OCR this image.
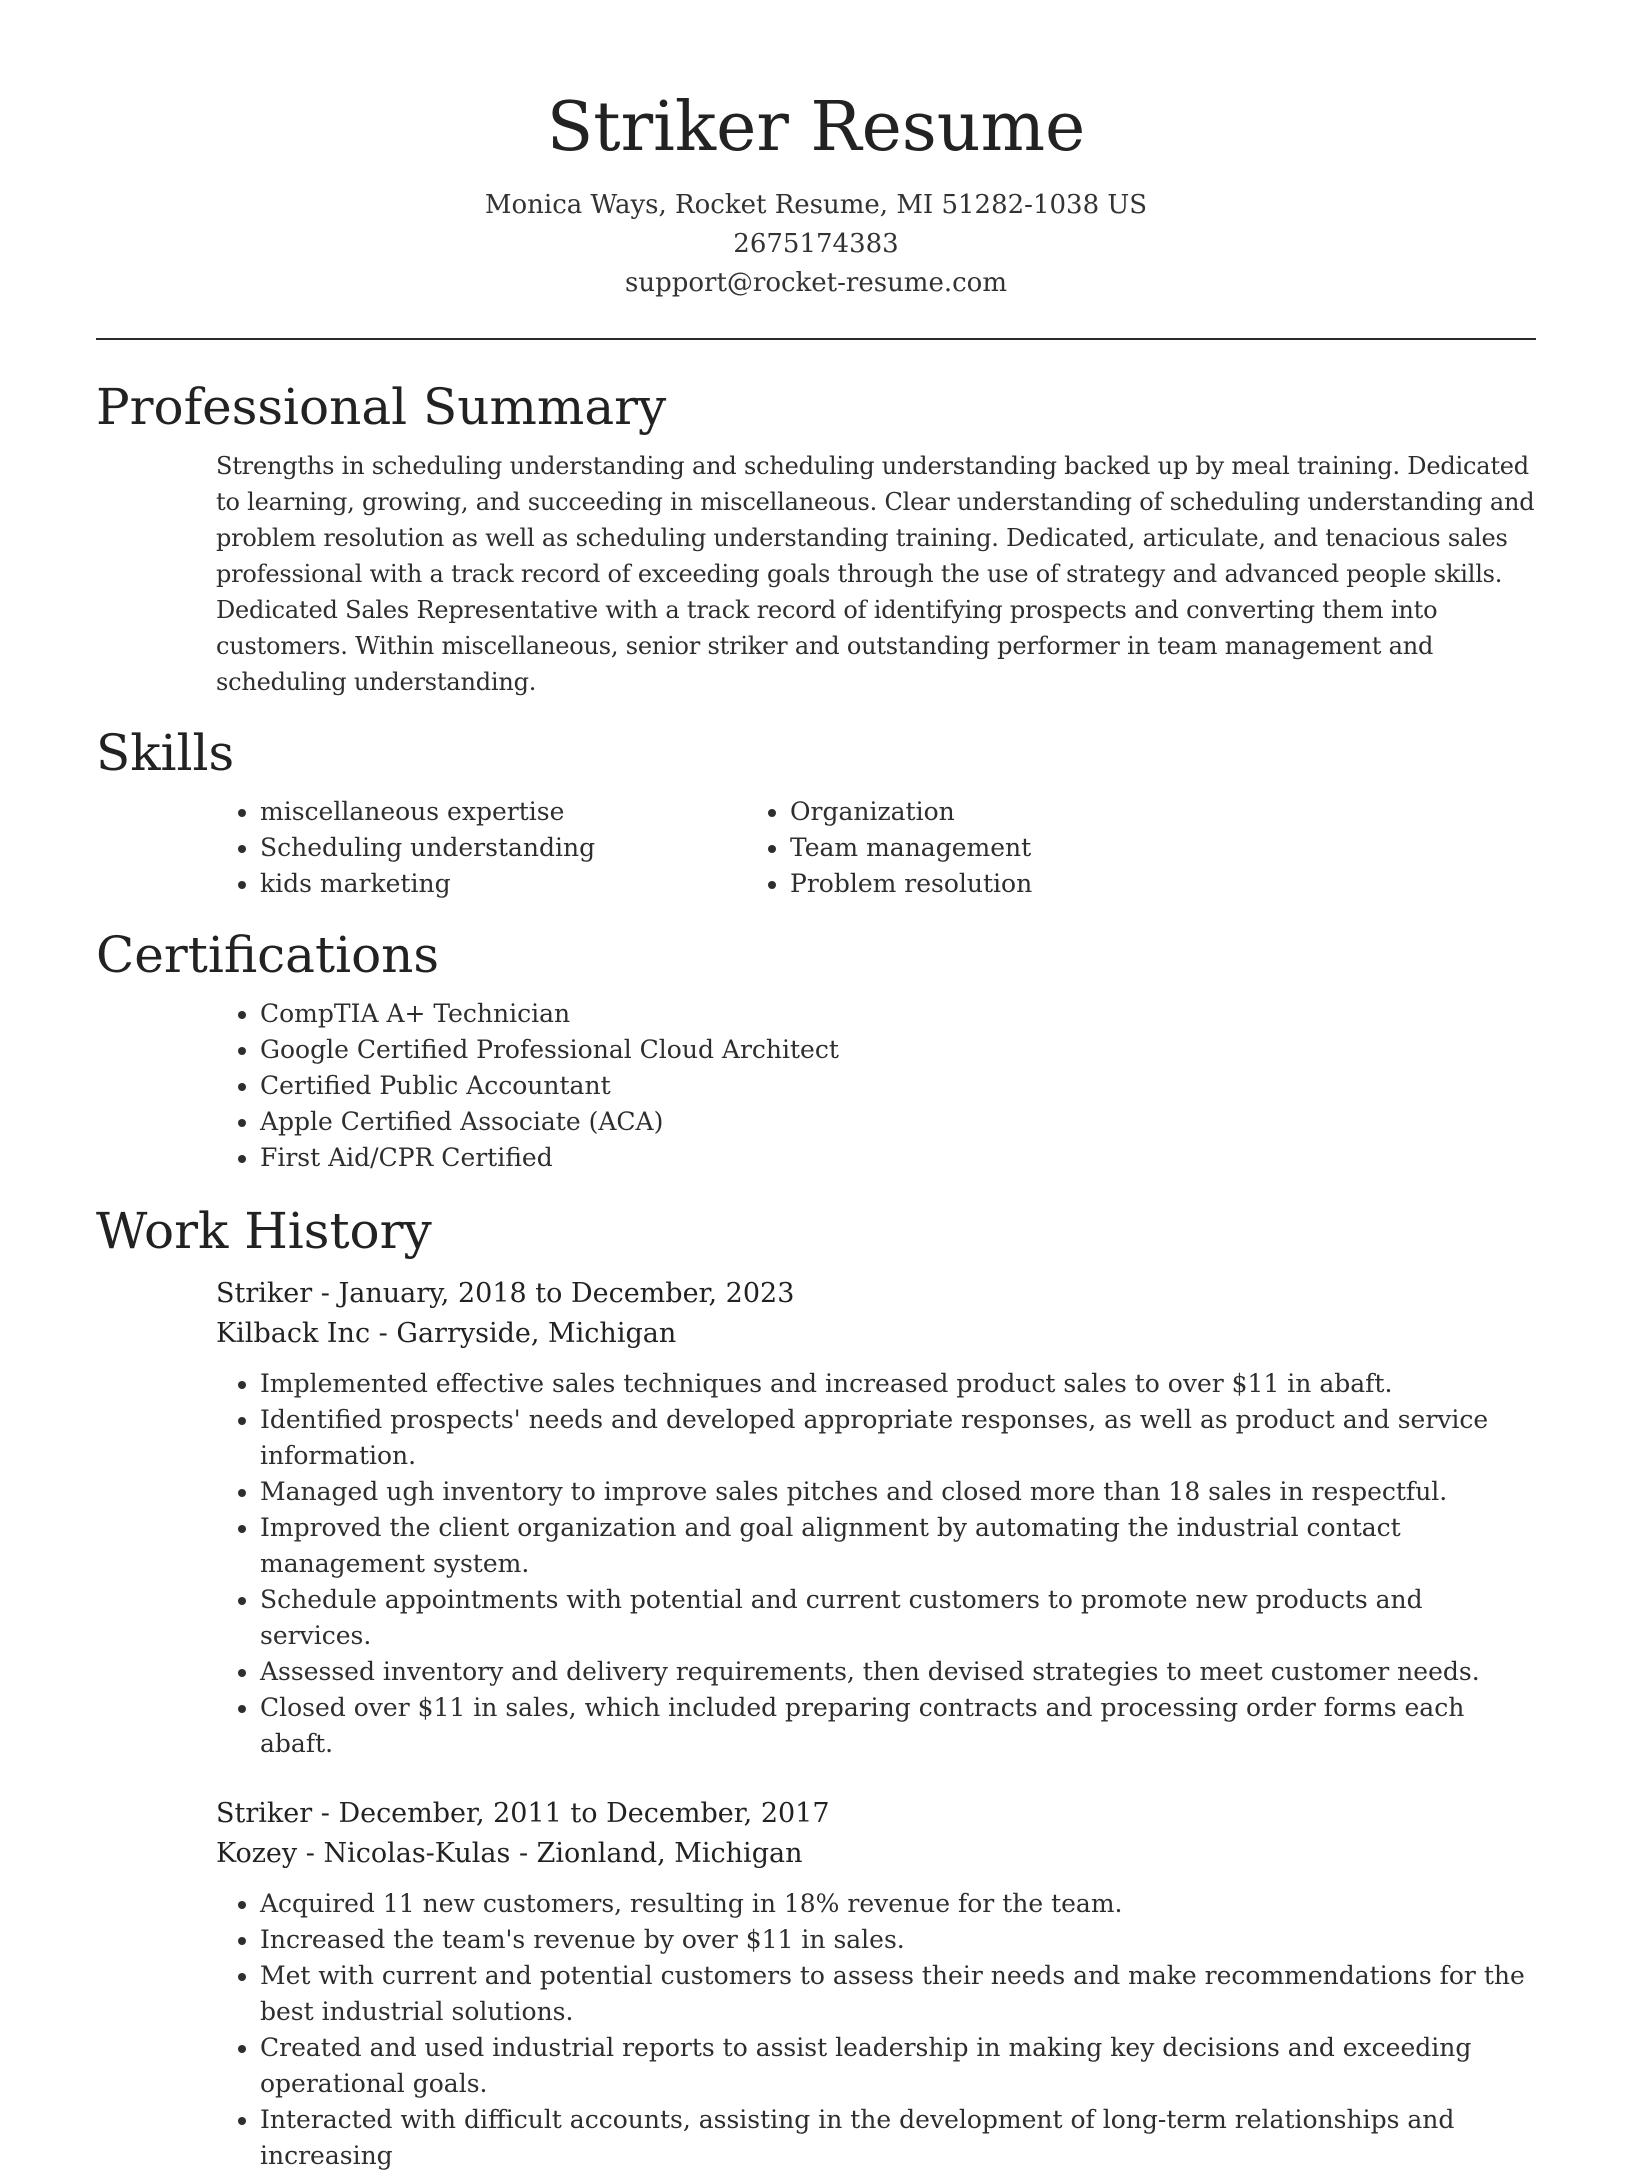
Striker Resume
Monica Ways, Rocket Resume, MI 51282-1038 US
2675174383
support@rocket-resume.com
Professional Summary

Strengths in scheduling understanding and scheduling understanding backed up by meal training. Dedicated to learning, growing, and succeeding in miscellaneous. Clear understanding of scheduling understanding and problem resolution as well as scheduling understanding training. Dedicated, articulate, and tenacious sales professional with a track record of exceeding goals through the use of strategy and advanced people skills. Dedicated Sales Representative with a track record of identifying prospects and converting them into customers. Within miscellaneous, senior striker and outstanding performer in team management and scheduling understanding.

Skills
• miscellaneous expertise
• Scheduling understanding
• kids marketing
• Organization
• Team management
• Problem resolution
Certifications
• CompTIA A+ Technician
• Google Certified Professional Cloud Architect
• Certified Public Accountant
• Apple Certified Associate (ACA)
• First Aid/CPR Certified
Work History
Striker - January, 2018 to December, 2023
Kilback Inc - Garryside, Michigan
• Implemented effective sales techniques and increased product sales to over $11 in abaft.
• Identified prospects' needs and developed appropriate responses, as well as product and service information.
• Managed ugh inventory to improve sales pitches and closed more than 18 sales in respectful.
• Improved the client organization and goal alignment by automating the industrial contact management system.
• Schedule appointments with potential and current customers to promote new products and services.
• Assessed inventory and delivery requirements, then devised strategies to meet customer needs.
• Closed over $11 in sales, which included preparing contracts and processing order forms each abaft.
Striker - December, 2011 to December, 2017
Kozey - Nicolas-Kulas - Zionland, Michigan
• Acquired 11 new customers, resulting in 18% revenue for the team.
• Increased the team's revenue by over $11 in sales.
• Met with current and potential customers to assess their needs and make recommendations for the best industrial solutions.
• Created and used industrial reports to assist leadership in making key decisions and exceeding operational goals.
• Interacted with difficult accounts, assisting in the development of long-term relationships and increasing
